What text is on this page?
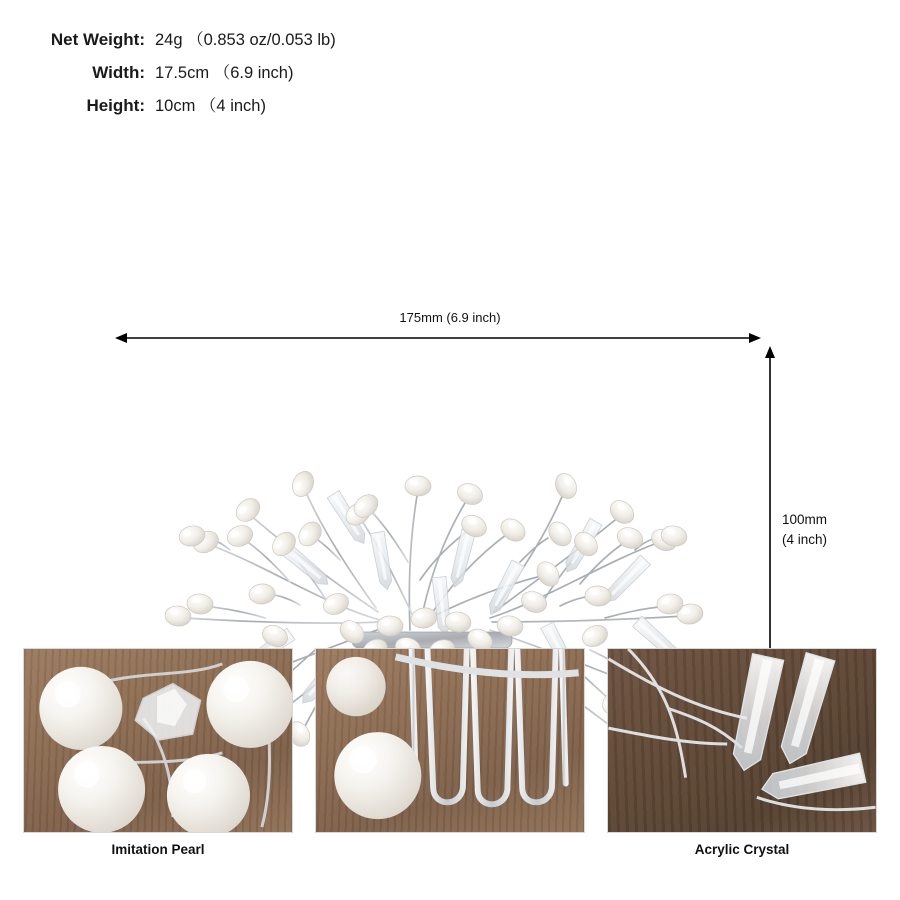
Net Weight: 24g （0.853 oz/0.053 lb)
Width: 17.5cm （6.9 inch)
Height: 10cm （4 inch)
175mm (6.9 inch)
100mm
(4 inch)
Imitation Pearl	Acrylic Crystal
